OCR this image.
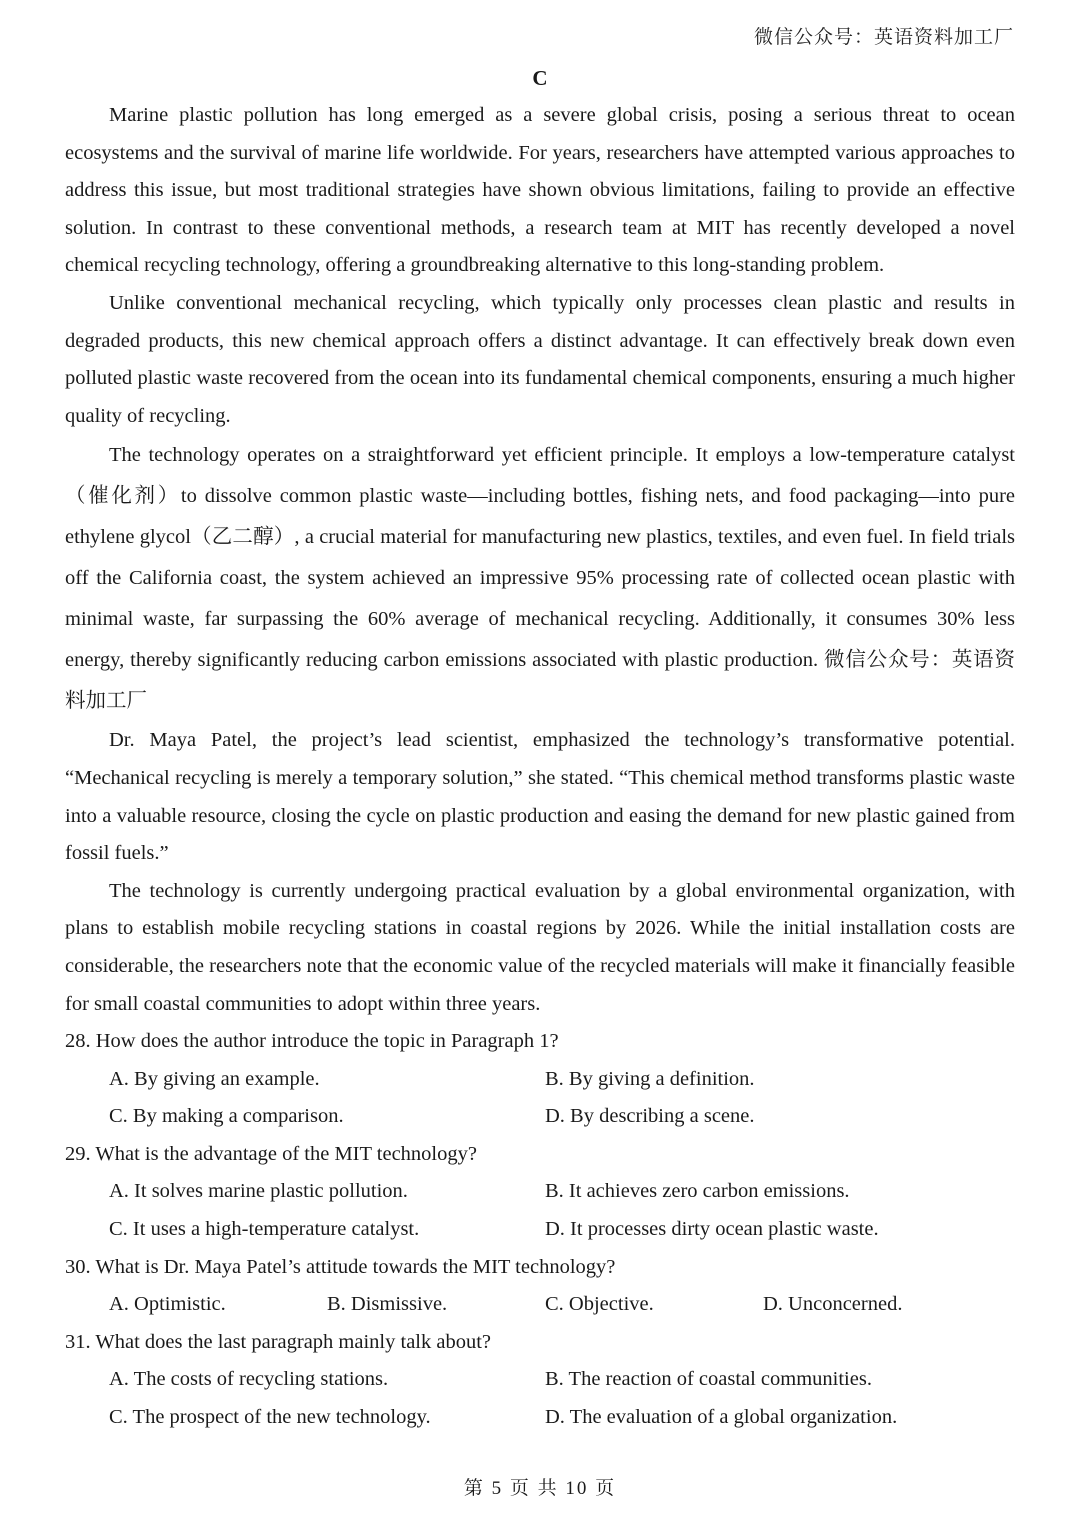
微信公众号：英语资料加工厂
C

Marine plastic pollution has long emerged as a severe global crisis, posing a serious threat to ocean ecosystems and the survival of marine life worldwide. For years, researchers have attempted various approaches to address this issue, but most traditional strategies have shown obvious limitations, failing to provide an effective solution. In contrast to these conventional methods, a research team at MIT has recently developed a novel chemical recycling technology, offering a groundbreaking alternative to this long-standing problem.

Unlike conventional mechanical recycling, which typically only processes clean plastic and results in degraded products, this new chemical approach offers a distinct advantage. It can effectively break down even polluted plastic waste recovered from the ocean into its fundamental chemical components, ensuring a much higher quality of recycling.

The technology operates on a straightforward yet efficient principle. It employs a low-temperature catalyst（催化剂）to dissolve common plastic waste—including bottles, fishing nets, and food packaging—into pure ethylene glycol（乙二醇）, a crucial material for manufacturing new plastics, textiles, and even fuel. In field trials off the California coast, the system achieved an impressive 95% processing rate of collected ocean plastic with minimal waste, far surpassing the 60% average of mechanical recycling. Additionally, it consumes 30% less energy, thereby significantly reducing carbon emissions associated with plastic production. 微信公众号：英语资料加工厂

Dr. Maya Patel, the project’s lead scientist, emphasized the technology’s transformative potential. “Mechanical recycling is merely a temporary solution,” she stated. “This chemical method transforms plastic waste into a valuable resource, closing the cycle on plastic production and easing the demand for new plastic gained from fossil fuels.”

The technology is currently undergoing practical evaluation by a global environmental organization, with plans to establish mobile recycling stations in coastal regions by 2026. While the initial installation costs are considerable, the researchers note that the economic value of the recycled materials will make it financially feasible for small coastal communities to adopt within three years.

28. How does the author introduce the topic in Paragraph 1?

A. By giving an example.	B. By giving a definition.
C. By making a comparison.	D. By describing a scene.

29. What is the advantage of the MIT technology?

A. It solves marine plastic pollution.	B. It achieves zero carbon emissions.
C. It uses a high-temperature catalyst.	D. It processes dirty ocean plastic waste.

30. What is Dr. Maya Patel’s attitude towards the MIT technology?

A. Optimistic.	B. Dismissive.	C. Objective.	D. Unconcerned.

31. What does the last paragraph mainly talk about?

A. The costs of recycling stations.	B. The reaction of coastal communities.
C. The prospect of the new technology.	D. The evaluation of a global organization.
第 5 页 共 10 页
